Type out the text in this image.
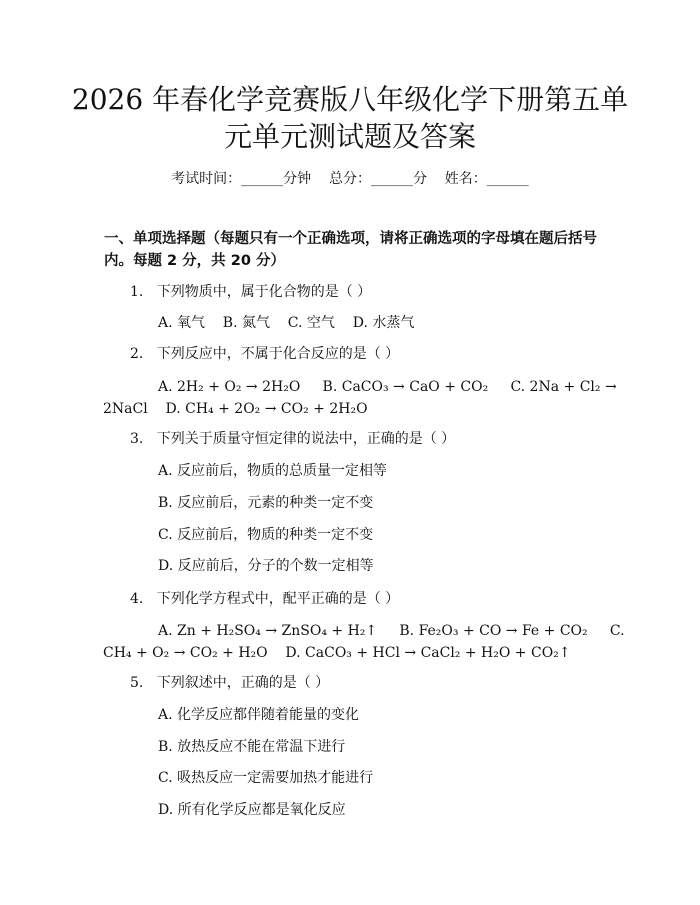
2026 年春化学竞赛版八年级化学下册第五单
元单元测试题及答案
考试时间：______分钟    总分：______分    姓名：______
一、单项选择题（每题只有一个正确选项，请将正确选项的字母填在题后括号内。每题 2 分，共 20 分）
1.   下列物质中，属于化合物的是（ ）
A. 氧气    B. 氮气    C. 空气    D. 水蒸气
2.   下列反应中，不属于化合反应的是（ ）
A. 2H₂ + O₂ → 2H₂O     B. CaCO₃ → CaO + CO₂     C. 2Na + Cl₂ →
2NaCl    D. CH₄ + 2O₂ → CO₂ + 2H₂O
3.   下列关于质量守恒定律的说法中，正确的是（ ）
A. 反应前后，物质的总质量一定相等
B. 反应前后，元素的种类一定不变
C. 反应前后，物质的种类一定不变
D. 反应前后，分子的个数一定相等
4.   下列化学方程式中，配平正确的是（ ）
A. Zn + H₂SO₄ → ZnSO₄ + H₂↑     B. Fe₂O₃ + CO → Fe + CO₂     C.
CH₄ + O₂ → CO₂ + H₂O    D. CaCO₃ + HCl → CaCl₂ + H₂O + CO₂↑
5.   下列叙述中，正确的是（ ）
A. 化学反应都伴随着能量的变化
B. 放热反应不能在常温下进行
C. 吸热反应一定需要加热才能进行
D. 所有化学反应都是氧化反应
